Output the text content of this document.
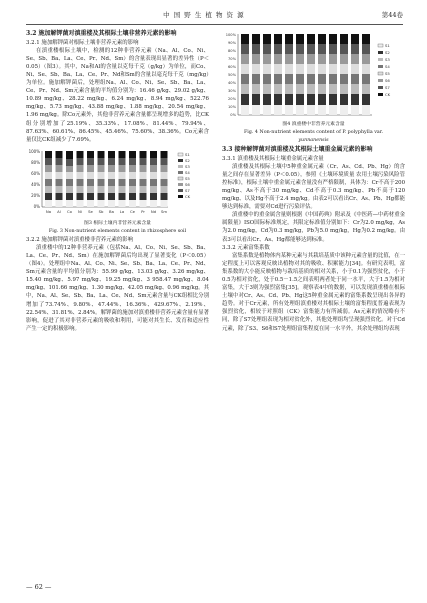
中 国 野 生 植 物 资 源	第44卷

3.2 施加解钾菌对滇重楼及其根际土壤非营养元素的影响

3.2.1 施加解钾菌对根际土壤非营养元素的影响

在滇重楼根际土壤中，检测的12种非营养元素（Na、Al、Co、Ni、Se、Sb、Ba、La、Ce、Pr、Nd、Sm）的含量表现出显著的差异性（P＜0.05）（图3）。其中，Na和Al的含量以克每千克（g/kg）为单位，而Co、Ni、Se、Sb、Ba、La、Ce、Pr、Nd和Sm的含量以毫克每千克（mg/kg）为单位。施加解钾菌后，处理组Na、Al、Co、Ni、Se、Sb、Ba、La、Ce、Pr、Nd、Sm元素含量的平均值分别为：16.46 g/kg、29.02 g/kg、10.89 mg/kg、28.22 mg/kg、6.24 mg/kg、8.94 mg/kg、522.76 mg/kg、5.73 mg/kg、43.88 mg/kg、1.88 mg/kg、20.54 mg/kg、1.96 mg/kg。除Co元素外，其他非营养元素含量都呈现增多的趋势，比CK组分别增加了25.19%、35.33%、17.08%、81.44%、79.94%、87.63%、60.61%、86.45%、45.46%、75.60%、38.36%。Co元素含量仅比CK组减少了7.69%。

100%
80%
60%
40%
20%
0%
Na Al Co Ni Se Sb Ba La Ce Pr Nd Sm
S1
S2
S3
S4
S5
S6
S7
CK
图3 根际土壤内非营养元素含量
Fig. 3 Non-nutrient elements content in rhizosphere soil

3.2.2 施加解钾菌对滇重楼非营养元素的影响

滇重楼中的12种非营养元素（包括Na、Al、Co、Ni、Se、Sb、Ba、La、Ce、Pr、Nd、Sm）在施加解钾菌后均出现了显著变化（P＜0.05）（图4）。处理组中Na、Al、Co、Ni、Se、Sb、Ba、La、Ce、Pr、Nd、Sm元素含量的平均值分别为：55.99 g/kg、13.03 g/kg、3.26 mg/kg、15.40 mg/kg、5.97 mg/kg、19.25 mg/kg、3 958.47 mg/kg、8.04 mg/kg、101.66 mg/kg、1.30 mg/kg、42.05 mg/kg、0.96 mg/kg。其中，Na、Al、Se、Sb、Ba、La、Ce、Nd、Sm元素含量与CK组相比分别增加了73.74%、9.80%、47.44%、16.36%、429.67%、2.19%、22.54%、31.81%、2.84%。解钾菌的施加对滇重楼非营养元素含量有显著影响，促进了其对非营养元素的吸收和利用，可能对其生长、发育和适应性产生一定的积极影响。

100%
90%
80%
70%
60%
50%
40%
30%
20%
10%
0%
S1
S2
S3
S4
S5
S6
S7
CK
图4 滇重楼中非营养元素含量
Fig. 4 Non-nutrient elements content of P. polyphylla var.
yunnanensis

3.3 接种解钾菌对滇重楼及其根际土壤重金属元素的影响

3.3.1 滇重楼及其根际土壤重金属元素含量

滇重楼及其根际土壤中5种重金属元素（Cr、As、Cd、Pb、Hg）的含量之间存在显著差异（P＜0.05），参照《土壤环境质量 农用土壤污染风险管控标准》，根际土壤中重金属元素含量没有严格限制，具体为：Cr不高于200 mg/kg、As不高于30 mg/kg、Cd不高于0.3 mg/kg、Pb不高于120 mg/kg、以及Hg不高于2.4 mg/kg。由表2可以看出Cr、As、Pb、Hg都能够达到标准，需要对Cd进行污染评估。

滇重楼中的重金属含量则根据《中国药典》附录及《中医药—中药材重金属限量》ISO国际标准规定，其限定标准值分别如下：Cr为2.0 mg/kg，As为2.0 mg/kg，Cd为0.3 mg/kg，Pb为5.0 mg/kg，Hg为0.2 mg/kg。由表3可以看出Cr、As、Hg都能够达到标准。

3.3.2 元素富集系数

富集系数是植物体内某种元素与其栽培基质中该种元素含量的比值，在一定程度上可以客观反映出植物对其的吸收、积累能力[34]。有研究表明，富集系数的大小能反映植物与栽培基质的相对关系，小于0.1为强烈贫化，小于0.5为相对贫化，处于0.5－1.5之间表明两者处于同一水平，大于1.5为相对富集，大于3则为强烈富集[35]。观察表4中的数据，可以发现滇重楼在根际土壤中对Cr、As、Cd、Pb、Hg这5种重金属元素的富集系数呈现出各异的趋势。对于Cr元素，所有处理组滇重楼对其根际土壤的富集程度普遍表现为强烈贫化，相较于对照组（CK）富集能力有所减弱。As元素的情况略有不同，除了S7处理组表现为相对贫化外，其他处理组均呈现强烈贫化。对于Cd元素，除了S3、S6和S7处理组富集程度在同一水平外，其余处理组均表现

— 62 —
